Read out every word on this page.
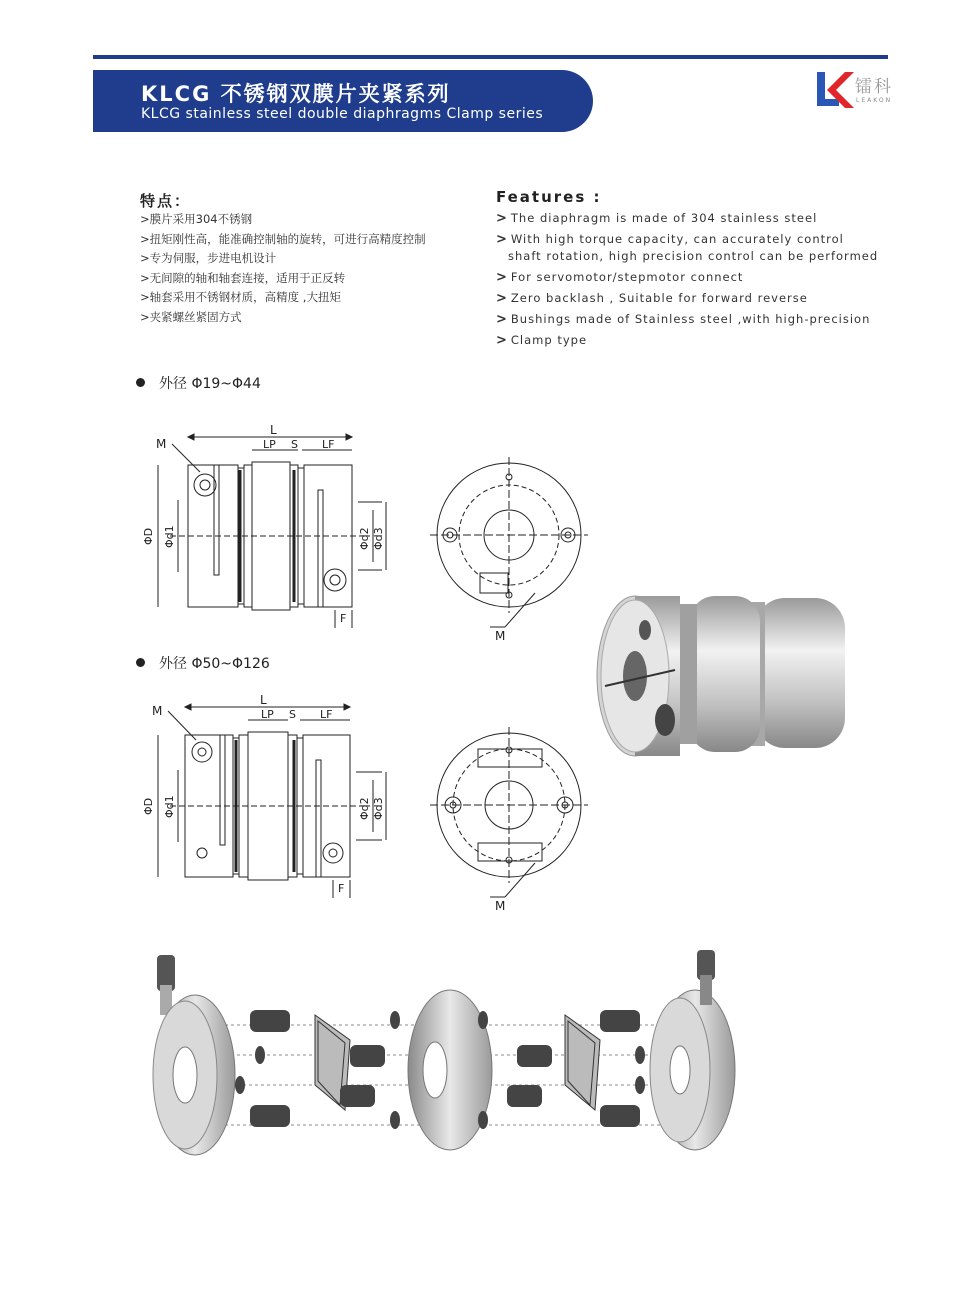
KLCG 不锈钢双膜片夹紧系列
KLCG stainless steel double diaphragms Clamp series
镭科
LEAKON
特点：
>膜片采用304不锈钢
>扭矩刚性高，能准确控制轴的旋转，可进行高精度控制
>专为伺服，步进电机设计
>无间隙的轴和轴套连接，适用于正反转
>轴套采用不锈钢材质，高精度 ,大扭矩
>夹紧螺丝紧固方式
Features :
> The diaphragm is made of 304 stainless steel
> With high torque capacity, can accurately control
shaft rotation, high precision control can be performed
> For servomotor/stepmotor connect
> Zero backlash , Suitable for forward reverse
> Bushings made of Stainless steel ,with high-precision
> Clamp type
外径 Φ19~Φ44
外径 Φ50~Φ126
L
LP S LF
M
ΦD Φd1	Φd2 Φd3
F
M
L
LP S LF
M
ΦD Φd1	Φd2 Φd3
F
M
